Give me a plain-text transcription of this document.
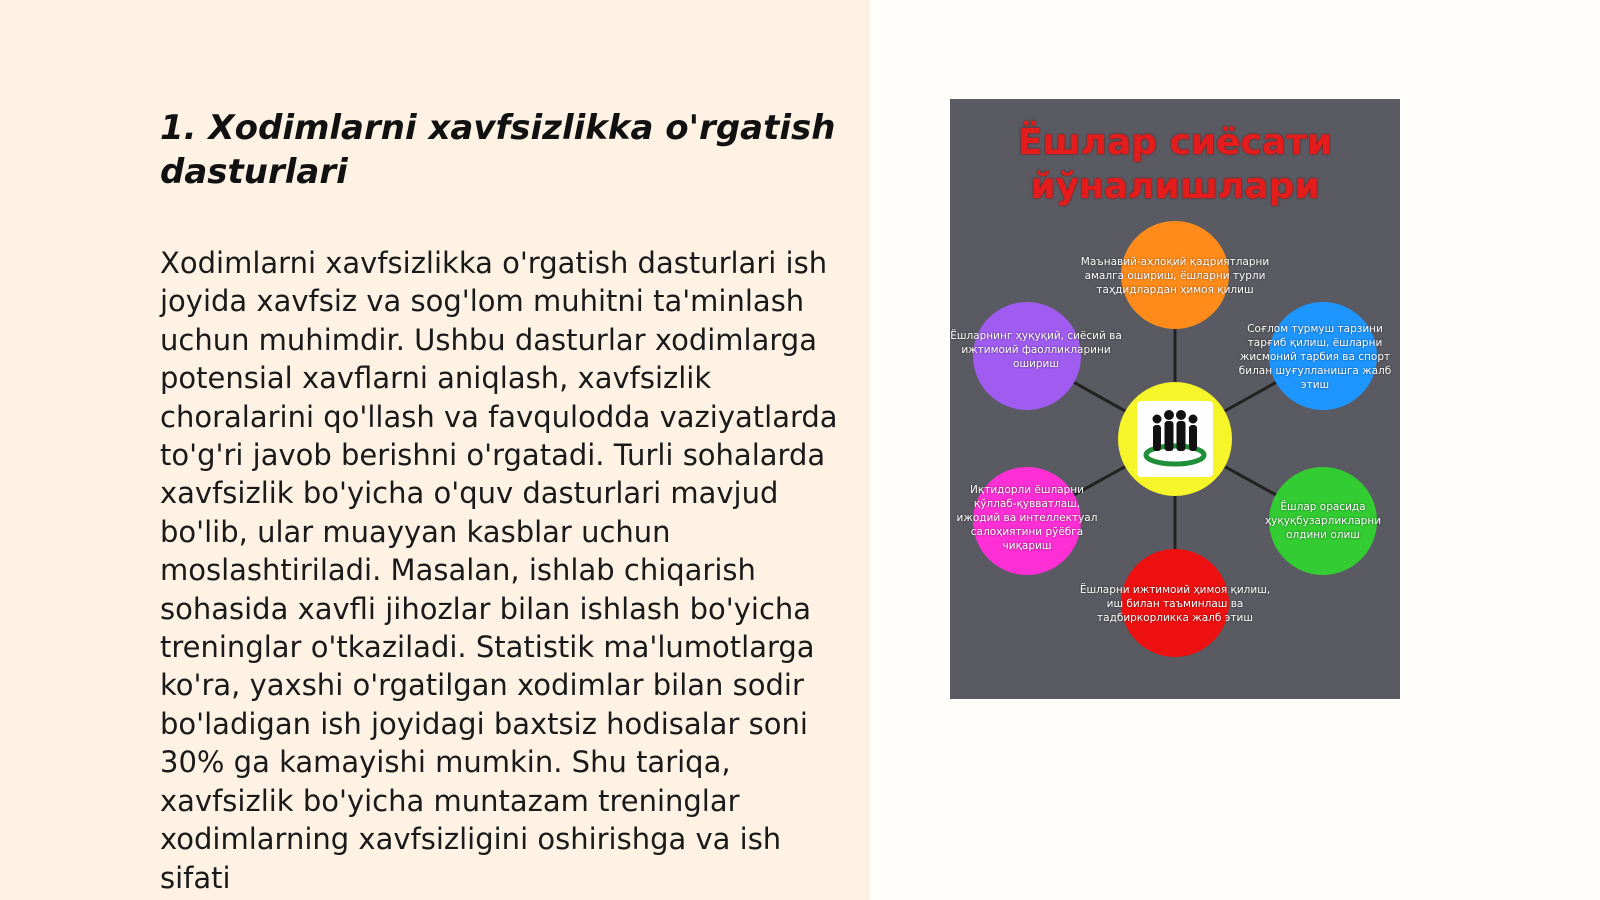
1. Xodimlarni xavfsizlikka o'rgatish dasturlari

Xodimlarni xavfsizlikka o'rgatish dasturlari ish joyida xavfsiz va sog'lom muhitni ta'minlash uchun muhimdir. Ushbu dasturlar xodimlarga potensial xavflarni aniqlash, xavfsizlik choralarini qo'llash va favqulodda vaziyatlarda to'g'ri javob berishni o'rgatadi. Turli sohalarda xavfsizlik bo'yicha o'quv dasturlari mavjud bo'lib, ular muayyan kasblar uchun moslashtiriladi. Masalan, ishlab chiqarish sohasida xavfli jihozlar bilan ishlash bo'yicha treninglar o'tkaziladi. Statistik ma'lumotlarga ko'ra, yaxshi o'rgatilgan xodimlar bilan sodir bo'ladigan ish joyidagi baxtsiz hodisalar soni 30% ga kamayishi mumkin. Shu tariqa, xavfsizlik bo'yicha muntazam treninglar xodimlarning xavfsizligini oshirishga va ish sifati

Ёшлар сиёсати йўналишлари

Маънавий-ахлоқий қадриятларни амалга ошириш, ёшларни турли таҳдидлардан ҳимоя қилиш

Ёшларнинг ҳуқуқий, сиёсий ва ижтимоий фаолликларини ошириш

Соғлом турмуш тарзини тарғиб қилиш, ёшларни жисмоний тарбия ва спорт билан шуғулланишга жалб этиш

Иқтидорли ёшларни қўллаб-қувватлаш, ижодий ва интеллектуал салоҳиятини рўёбга чиқариш

Ёшлар орасида ҳуқуқбузарликларни олдини олиш

Ёшларни ижтимоий ҳимоя қилиш, иш билан таъминлаш ва тадбиркорликка жалб этиш
